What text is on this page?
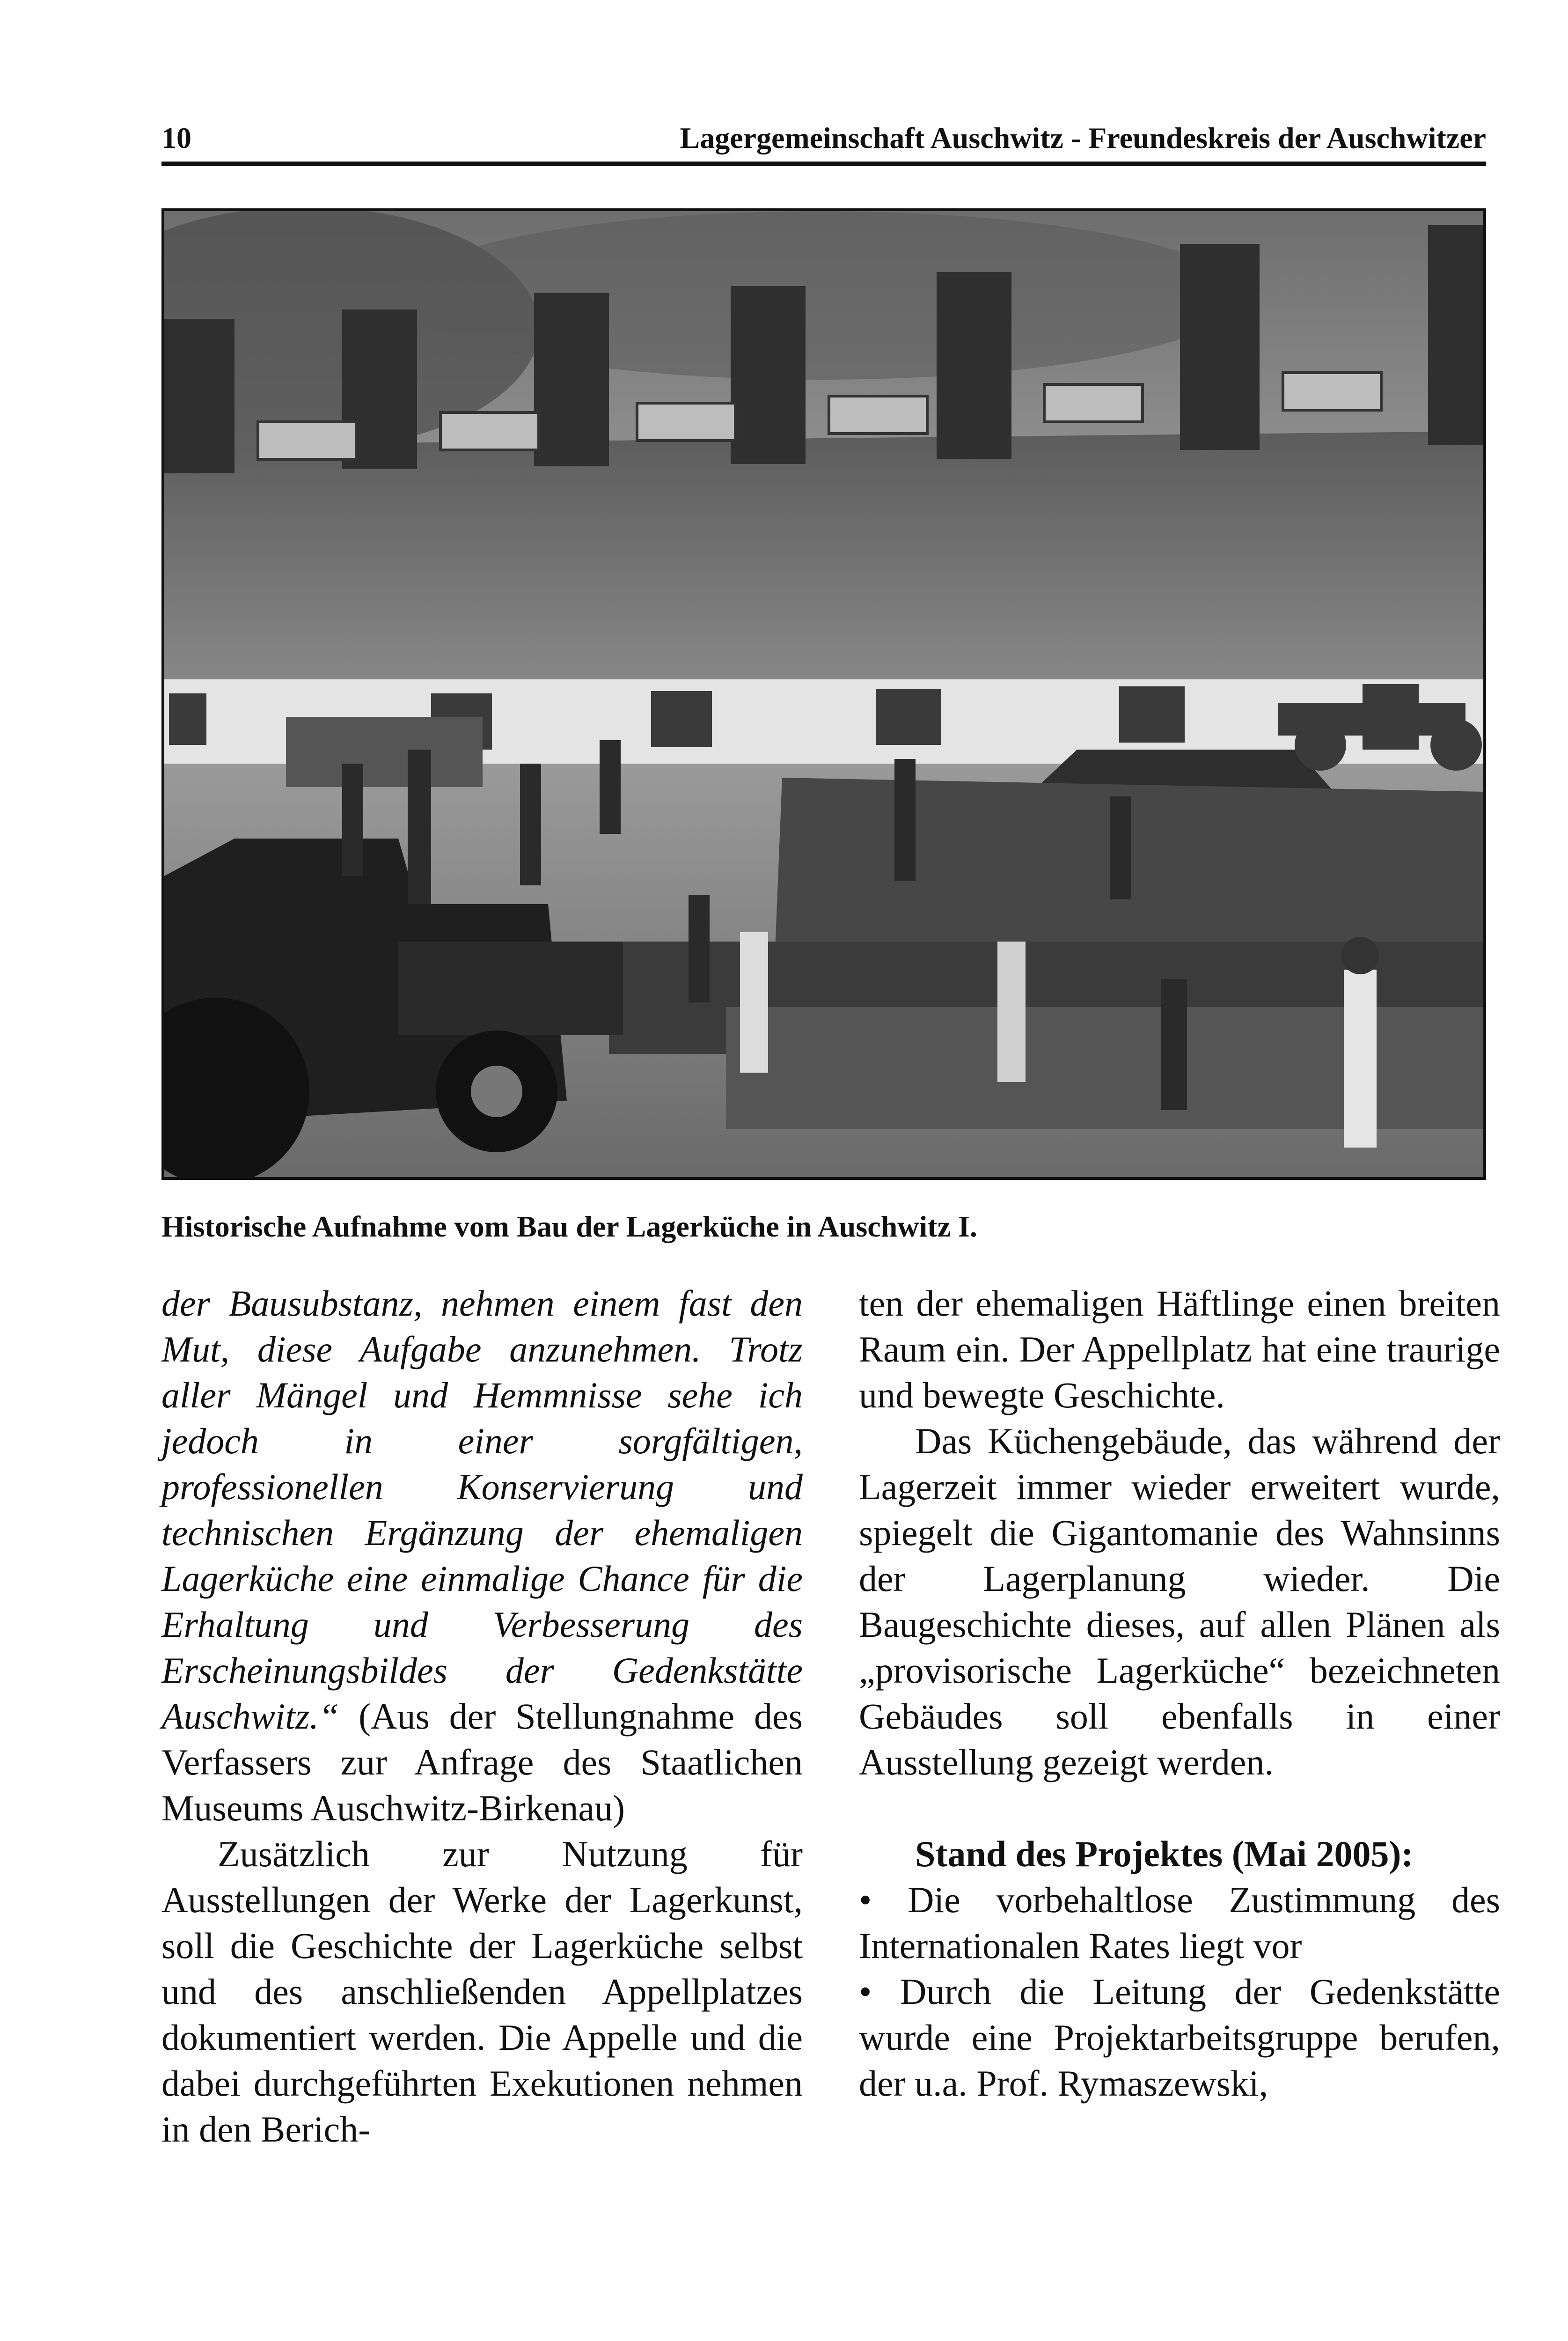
10	Lagergemeinschaft Auschwitz - Freundeskreis der Auschwitzer
Historische Aufnahme vom Bau der Lagerküche in Auschwitz I.

der Bausubstanz, nehmen einem fast den Mut, diese Aufgabe anzunehmen. Trotz aller Mängel und Hemmnisse sehe ich jedoch in einer sorgfältigen, professionellen Konservierung und technischen Ergänzung der ehemaligen Lagerküche eine einmalige Chance für die Erhaltung und Verbesserung des Erscheinungsbildes der Gedenkstätte Auschwitz.“ (Aus der Stellungnahme des Verfassers zur Anfrage des Staatlichen Museums Auschwitz-Birkenau)

Zusätzlich zur Nutzung für Ausstellungen der Werke der Lagerkunst, soll die Geschichte der Lagerküche selbst und des anschließenden Appellplatzes dokumentiert werden. Die Appelle und die dabei durchgeführten Exekutionen nehmen in den Berich-

ten der ehemaligen Häftlinge einen breiten Raum ein. Der Appellplatz hat eine traurige und bewegte Geschichte.

Das Küchengebäude, das während der Lagerzeit immer wieder erweitert wurde, spiegelt die Gigantomanie des Wahnsinns der Lagerplanung wieder. Die Baugeschichte dieses, auf allen Plänen als „provisorische Lagerküche“ bezeichneten Gebäudes soll ebenfalls in einer Ausstellung gezeigt werden.

Stand des Projektes (Mai 2005):

• Die vorbehaltlose Zustimmung des Internationalen Rates liegt vor

• Durch die Leitung der Gedenkstätte wurde eine Projektarbeitsgruppe berufen, der u.a. Prof. Rymaszewski,
